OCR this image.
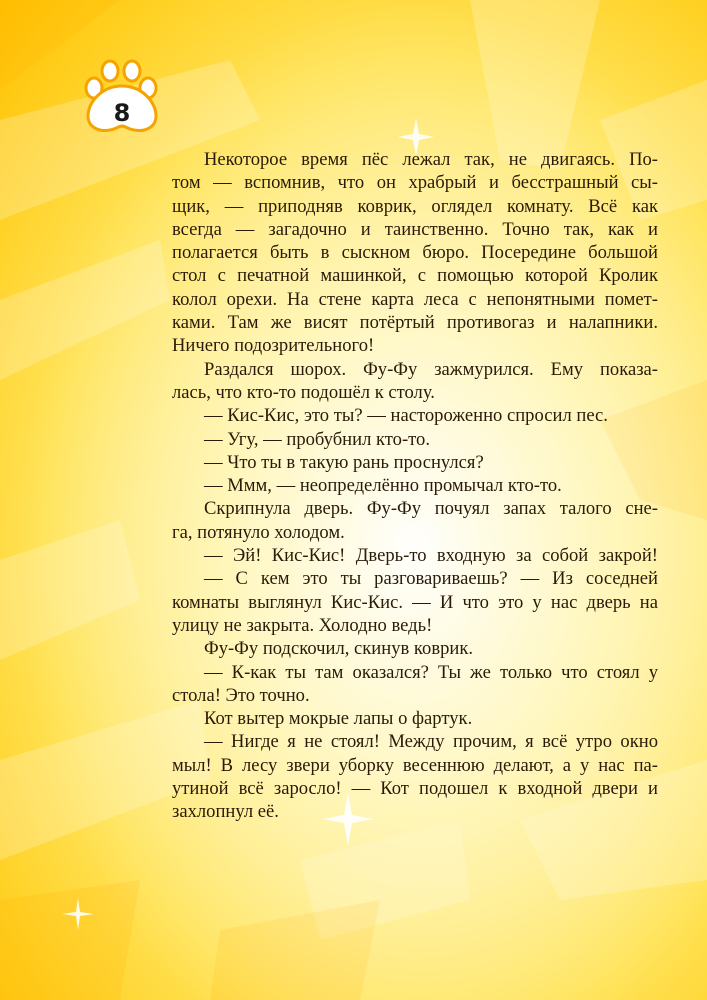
8
Некоторое время пёс лежал так, не двигаясь. По-
том — вспомнив, что он храбрый и бесстрашный сы-
щик, — приподняв коврик, оглядел комнату. Всё как
всегда — загадочно и таинственно. Точно так, как и
полагается быть в сыскном бюро. Посередине большой
стол с печатной машинкой, с помощью которой Кролик
колол орехи. На стене карта леса с непонятными помет-
ками. Там же висят потёртый противогаз и налапники.
Ничего подозрительного!
Раздался шорох. Фу-Фу зажмурился. Ему показа-
лась, что кто-то подошёл к столу.
— Кис-Кис, это ты? — настороженно спросил пес.
— Угу, — пробубнил кто-то.
— Что ты в такую рань проснулся?
— Ммм, — неопределённо промычал кто-то.
Скрипнула дверь. Фу-Фу почуял запах талого сне-
га, потянуло холодом.
— Эй! Кис-Кис! Дверь-то входную за собой закрой!
— С кем это ты разговариваешь? — Из соседней
комнаты выглянул Кис-Кис. — И что это у нас дверь на
улицу не закрыта. Холодно ведь!
Фу-Фу подскочил, скинув коврик.
— К-как ты там оказался? Ты же только что стоял у
стола! Это точно.
Кот вытер мокрые лапы о фартук.
— Нигде я не стоял! Между прочим, я всё утро окно
мыл! В лесу звери уборку весеннюю делают, а у нас па-
утиной всё заросло! — Кот подошел к входной двери и
захлопнул её.
